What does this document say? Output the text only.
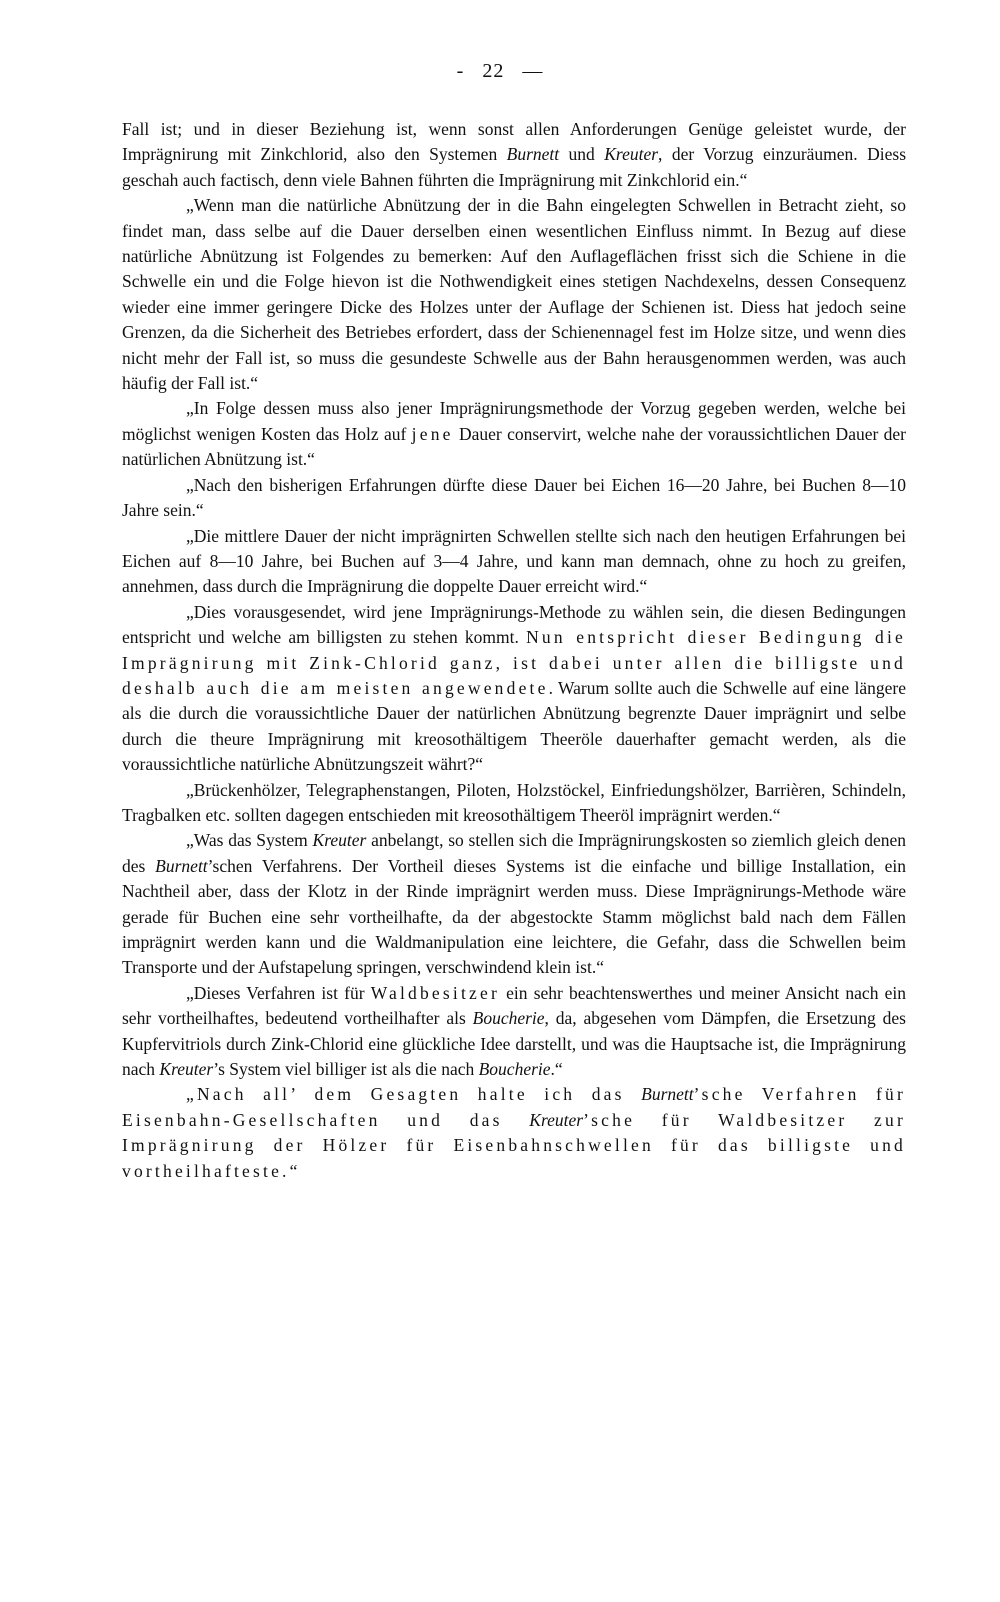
- 22 —

Fall ist; und in dieser Beziehung ist, wenn sonst allen Anforderungen Genüge geleistet wurde, der Imprägnirung mit Zinkchlorid, also den Systemen Burnett und Kreuter, der Vorzug einzuräumen. Diess geschah auch factisch, denn viele Bahnen führten die Imprägnirung mit Zinkchlorid ein.“

„Wenn man die natürliche Abnützung der in die Bahn eingelegten Schwellen in Betracht zieht, so findet man, dass selbe auf die Dauer derselben einen wesentlichen Einfluss nimmt. In Bezug auf diese natürliche Abnützung ist Folgendes zu bemerken: Auf den Auflageflächen frisst sich die Schiene in die Schwelle ein und die Folge hievon ist die Nothwendigkeit eines stetigen Nachdexelns, dessen Consequenz wieder eine immer geringere Dicke des Holzes unter der Auflage der Schienen ist. Diess hat jedoch seine Grenzen, da die Sicherheit des Betriebes erfordert, dass der Schienennagel fest im Holze sitze, und wenn dies nicht mehr der Fall ist, so muss die gesundeste Schwelle aus der Bahn herausgenommen werden, was auch häufig der Fall ist.“

„In Folge dessen muss also jener Imprägnirungsmethode der Vorzug gegeben werden, welche bei möglichst wenigen Kosten das Holz auf jene Dauer conservirt, welche nahe der voraussichtlichen Dauer der natürlichen Abnützung ist.“

„Nach den bisherigen Erfahrungen dürfte diese Dauer bei Eichen 16—20 Jahre, bei Buchen 8—10 Jahre sein.“

„Die mittlere Dauer der nicht imprägnirten Schwellen stellte sich nach den heutigen Erfahrungen bei Eichen auf 8—10 Jahre, bei Buchen auf 3—4 Jahre, und kann man demnach, ohne zu hoch zu greifen, annehmen, dass durch die Imprägnirung die doppelte Dauer erreicht wird.“

„Dies vorausgesendet, wird jene Imprägnirungs-Methode zu wählen sein, die diesen Bedingungen entspricht und welche am billigsten zu stehen kommt. Nun entspricht dieser Bedingung die Imprägnirung mit Zink-Chlorid ganz, ist dabei unter allen die billigste und deshalb auch die am meisten angewendete. Warum sollte auch die Schwelle auf eine längere als die durch die voraussichtliche Dauer der natürlichen Abnützung begrenzte Dauer imprägnirt und selbe durch die theure Imprägnirung mit kreosothältigem Theeröle dauerhafter gemacht werden, als die voraussichtliche natürliche Abnützungszeit währt?“

„Brückenhölzer, Telegraphenstangen, Piloten, Holzstöckel, Einfriedungshölzer, Barrièren, Schindeln, Tragbalken etc. sollten dagegen entschieden mit kreosothältigem Theeröl imprägnirt werden.“

„Was das System Kreuter anbelangt, so stellen sich die Imprägnirungskosten so ziemlich gleich denen des Burnett’schen Verfahrens. Der Vortheil dieses Systems ist die einfache und billige Installation, ein Nachtheil aber, dass der Klotz in der Rinde imprägnirt werden muss. Diese Imprägnirungs-Methode wäre gerade für Buchen eine sehr vortheilhafte, da der abgestockte Stamm möglichst bald nach dem Fällen imprägnirt werden kann und die Waldmanipulation eine leichtere, die Gefahr, dass die Schwellen beim Transporte und der Aufstapelung springen, verschwindend klein ist.“

„Dieses Verfahren ist für Waldbesitzer ein sehr beachtenswerthes und meiner Ansicht nach ein sehr vortheilhaftes, bedeutend vortheilhafter als Boucherie, da, abgesehen vom Dämpfen, die Ersetzung des Kupfervitriols durch Zink-Chlorid eine glückliche Idee darstellt, und was die Hauptsache ist, die Imprägnirung nach Kreuter’s System viel billiger ist als die nach Boucherie.“

„Nach all’ dem Gesagten halte ich das Burnett’sche Verfahren für Eisenbahn-Gesellschaften und das Kreuter’sche für Waldbesitzer zur Imprägnirung der Hölzer für Eisenbahnschwellen für das billigste und vortheilhafteste.“
